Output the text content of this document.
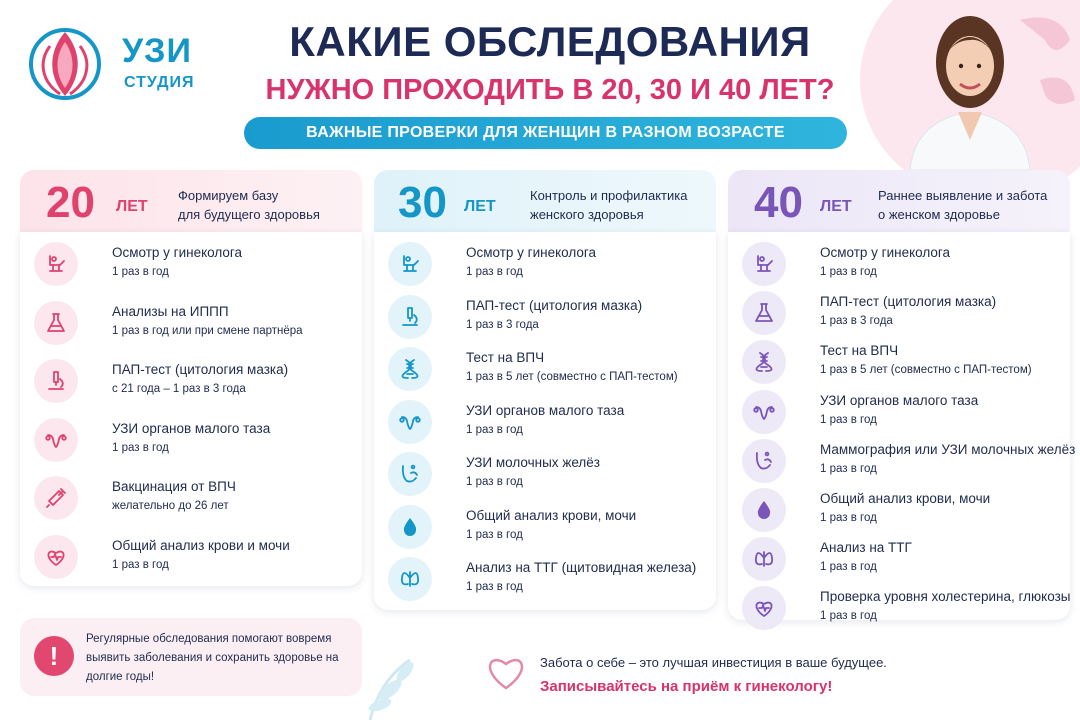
УЗИ
СТУДИЯ
КАКИЕ ОБСЛЕДОВАНИЯ
НУЖНО ПРОХОДИТЬ В 20, 30 И 40 ЛЕТ?
ВАЖНЫЕ ПРОВЕРКИ ДЛЯ ЖЕНЩИН В РАЗНОМ ВОЗРАСТЕ
20 ЛЕТ
Формируем базу
для будущего здоровья
Осмотр у гинеколога
1 раз в год
Анализы на ИППП
1 раз в год или при смене партнёра
ПАП-тест (цитология мазка)
с 21 года – 1 раз в 3 года
УЗИ органов малого таза
1 раз в год
Вакцинация от ВПЧ
желательно до 26 лет
Общий анализ крови и мочи
1 раз в год
30 ЛЕТ
Контроль и профилактика
женского здоровья
Осмотр у гинеколога
1 раз в год
ПАП-тест (цитология мазка)
1 раз в 3 года
Тест на ВПЧ
1 раз в 5 лет (совместно с ПАП-тестом)
УЗИ органов малого таза
1 раз в год
УЗИ молочных желёз
1 раз в год
Общий анализ крови, мочи
1 раз в год
Анализ на ТТГ (щитовидная железа)
1 раз в год
40 ЛЕТ
Раннее выявление и забота
о женском здоровье
Осмотр у гинеколога
1 раз в год
ПАП-тест (цитология мазка)
1 раз в 3 года
Тест на ВПЧ
1 раз в 5 лет (совместно с ПАП-тестом)
УЗИ органов малого таза
1 раз в год
Маммография или УЗИ молочных желёз
1 раз в год
Общий анализ крови, мочи
1 раз в год
Анализ на ТТГ
1 раз в год
Проверка уровня холестерина, глюкозы
1 раз в год
!
Регулярные обследования помогают вовремя выявить заболевания и сохранить здоровье на долгие годы!
Забота о себе – это лучшая инвестиция в ваше будущее.
Записывайтесь на приём к гинекологу!
